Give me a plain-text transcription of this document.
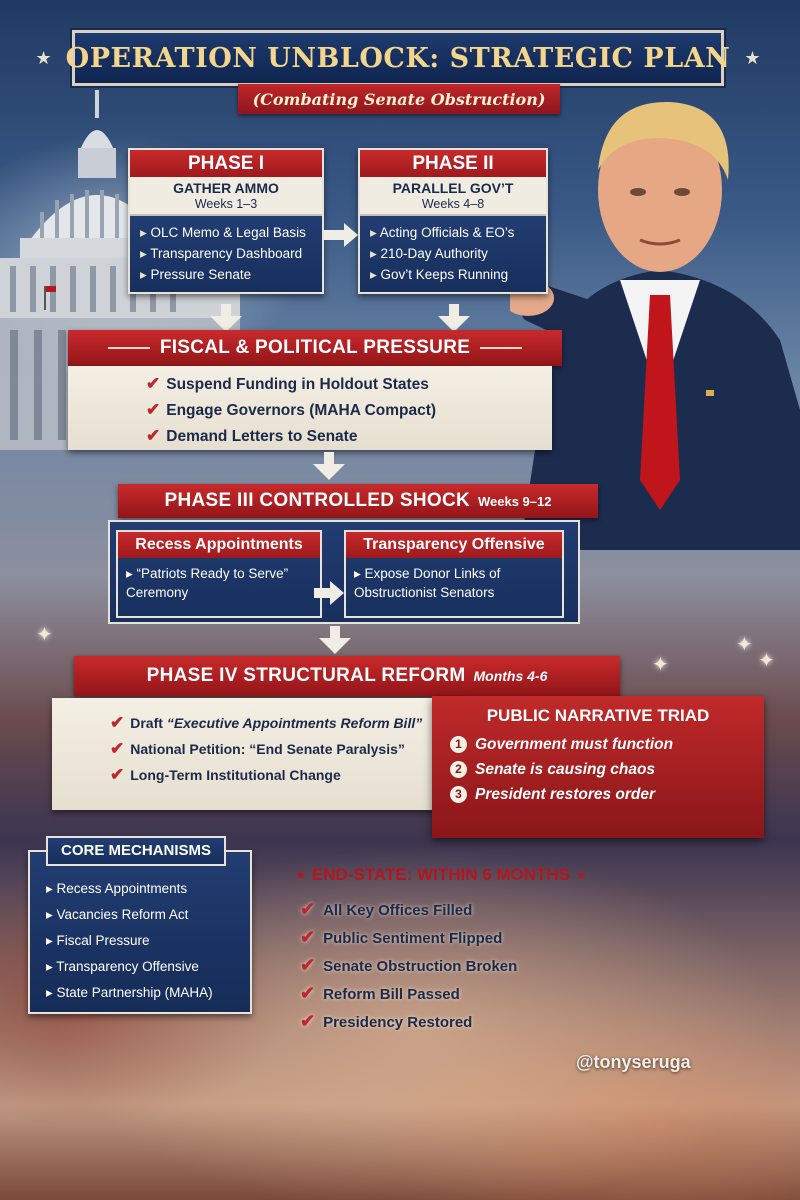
✦
✦
✦
✦
★ OPERATION UNBLOCK: STRATEGIC PLAN ★
(Combating Senate Obstruction)
PHASE I
GATHER AMMO
Weeks 1–3
▸ OLC Memo & Legal Basis
▸ Transparency Dashboard
▸ Pressure Senate
PHASE II
PARALLEL GOV’T
Weeks 4–8
▸ Acting Officials & EO’s
▸ 210-Day Authority
▸ Gov’t Keeps Running
FISCAL & POLITICAL PRESSURE
✔ Suspend Funding in Holdout States
✔ Engage Governors (MAHA Compact)
✔ Demand Letters to Senate
PHASE III CONTROLLED SHOCK Weeks 9–12
Recess Appointments
▸ “Patriots Ready to Serve” Ceremony
Transparency Offensive
▸ Expose Donor Links of Obstructionist Senators
PHASE IV STRUCTURAL REFORM Months 4-6
✔ Draft “Executive Appointments Reform Bill”
✔ National Petition: “End Senate Paralysis”
✔ Long-Term Institutional Change
PUBLIC NARRATIVE TRIAD
1 Government must function
2 Senate is causing chaos
3 President restores order
CORE MECHANISMS
▸ Recess Appointments
▸ Vacancies Reform Act
▸ Fiscal Pressure
▸ Transparency Offensive
▸ State Partnership (MAHA)
★ END-STATE: WITHIN 6 MONTHS ★
✔ All Key Offices Filled
✔ Public Sentiment Flipped
✔ Senate Obstruction Broken
✔ Reform Bill Passed
✔ Presidency Restored
@tonyseruga
